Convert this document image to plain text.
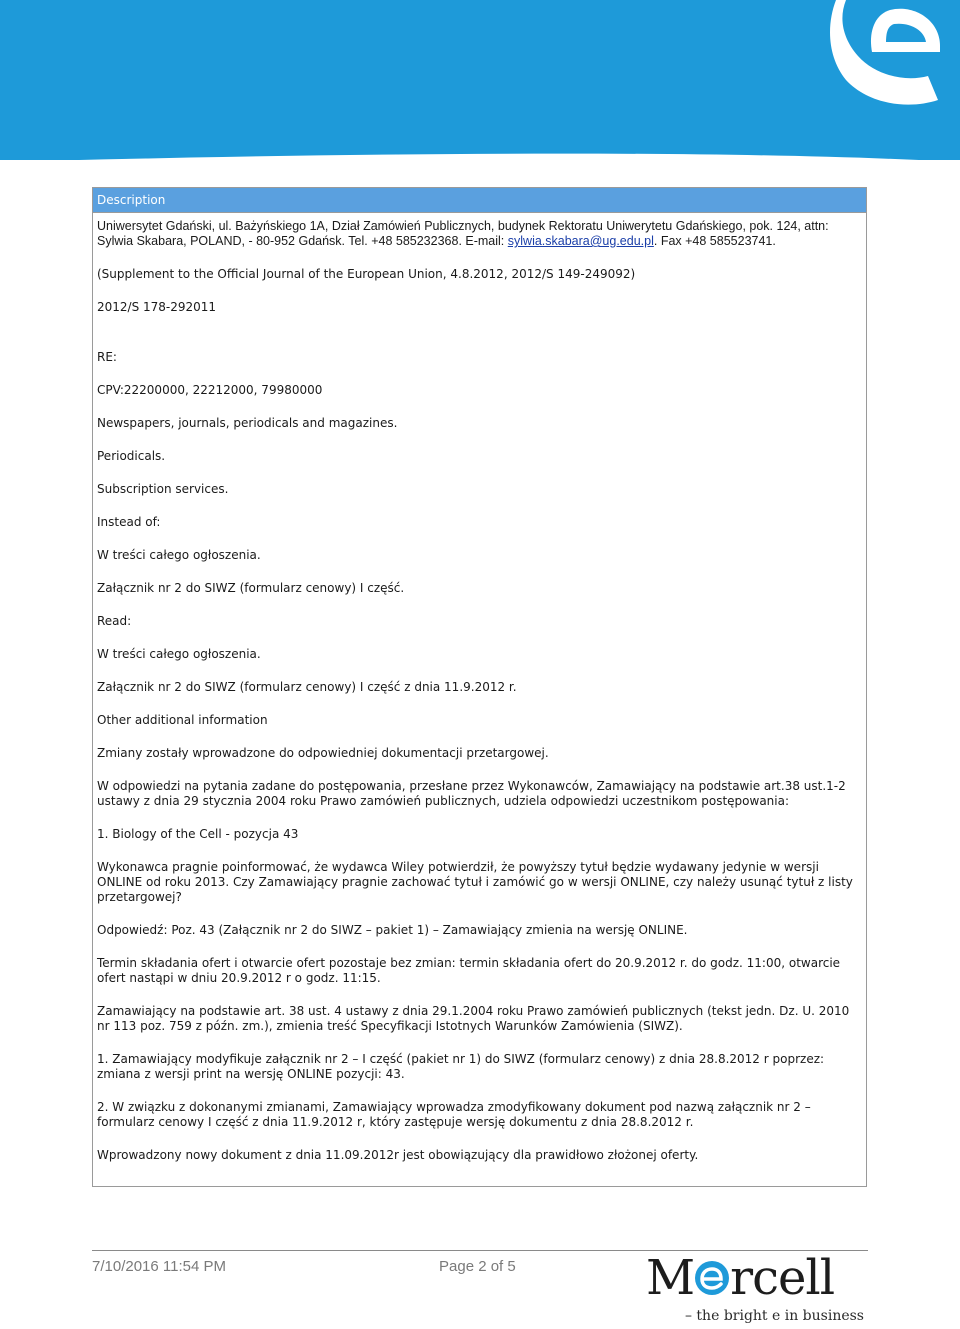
Description

Uniwersytet Gdański, ul. Bażyńskiego 1A, Dział Zamówień Publicznych, budynek Rektoratu Uniwerytetu Gdańskiego, pok. 124, attn: Sylwia Skabara, POLAND, - 80-952 Gdańsk. Tel. +48 585232368. E-mail: sylwia.skabara@ug.edu.pl. Fax +48 585523741.

(Supplement to the Official Journal of the European Union, 4.8.2012, 2012/S 149-249092)

2012/S 178-292011

RE:

CPV:22200000, 22212000, 79980000

Newspapers, journals, periodicals and magazines.

Periodicals.

Subscription services.

Instead of:

W treści całego ogłoszenia.

Załącznik nr 2 do SIWZ (formularz cenowy) I część.

Read:

W treści całego ogłoszenia.

Załącznik nr 2 do SIWZ (formularz cenowy) I część z dnia 11.9.2012 r.

Other additional information

Zmiany zostały wprowadzone do odpowiedniej dokumentacji przetargowej.

W odpowiedzi na pytania zadane do postępowania, przesłane przez Wykonawców, Zamawiający na podstawie art.38 ust.1-2 ustawy z dnia 29 stycznia 2004 roku Prawo zamówień publicznych, udziela odpowiedzi uczestnikom postępowania:

1. Biology of the Cell - pozycja 43

Wykonawca pragnie poinformować, że wydawca Wiley potwierdził, że powyższy tytuł będzie wydawany jedynie w wersji ONLINE od roku 2013. Czy Zamawiający pragnie zachować tytuł i zamówić go w wersji ONLINE, czy należy usunąć tytuł z listy przetargowej?

Odpowiedź: Poz. 43 (Załącznik nr 2 do SIWZ – pakiet 1) – Zamawiający zmienia na wersję ONLINE.

Termin składania ofert i otwarcie ofert pozostaje bez zmian: termin składania ofert do 20.9.2012 r. do godz. 11:00, otwarcie ofert nastąpi w dniu 20.9.2012 r o godz. 11:15.

Zamawiający na podstawie art. 38 ust. 4 ustawy z dnia 29.1.2004 roku Prawo zamówień publicznych (tekst jedn. Dz. U. 2010 nr 113 poz. 759 z późn. zm.), zmienia treść Specyfikacji Istotnych Warunków Zamówienia (SIWZ).

1. Zamawiający modyfikuje załącznik nr 2 – I część (pakiet nr 1) do SIWZ (formularz cenowy) z dnia 28.8.2012 r poprzez: zmiana z wersji print na wersję ONLINE pozycji: 43.

2. W związku z dokonanymi zmianami, Zamawiający wprowadza zmodyfikowany dokument pod nazwą załącznik nr 2 – formularz cenowy I część z dnia 11.9.2012 r, który zastępuje wersję dokumentu z dnia 28.8.2012 r.

Wprowadzony nowy dokument z dnia 11.09.2012r jest obowiązujący dla prawidłowo złożonej oferty.

7/10/2016 11:54 PM	Page 2 of 5	M rcell
– the bright e in business
